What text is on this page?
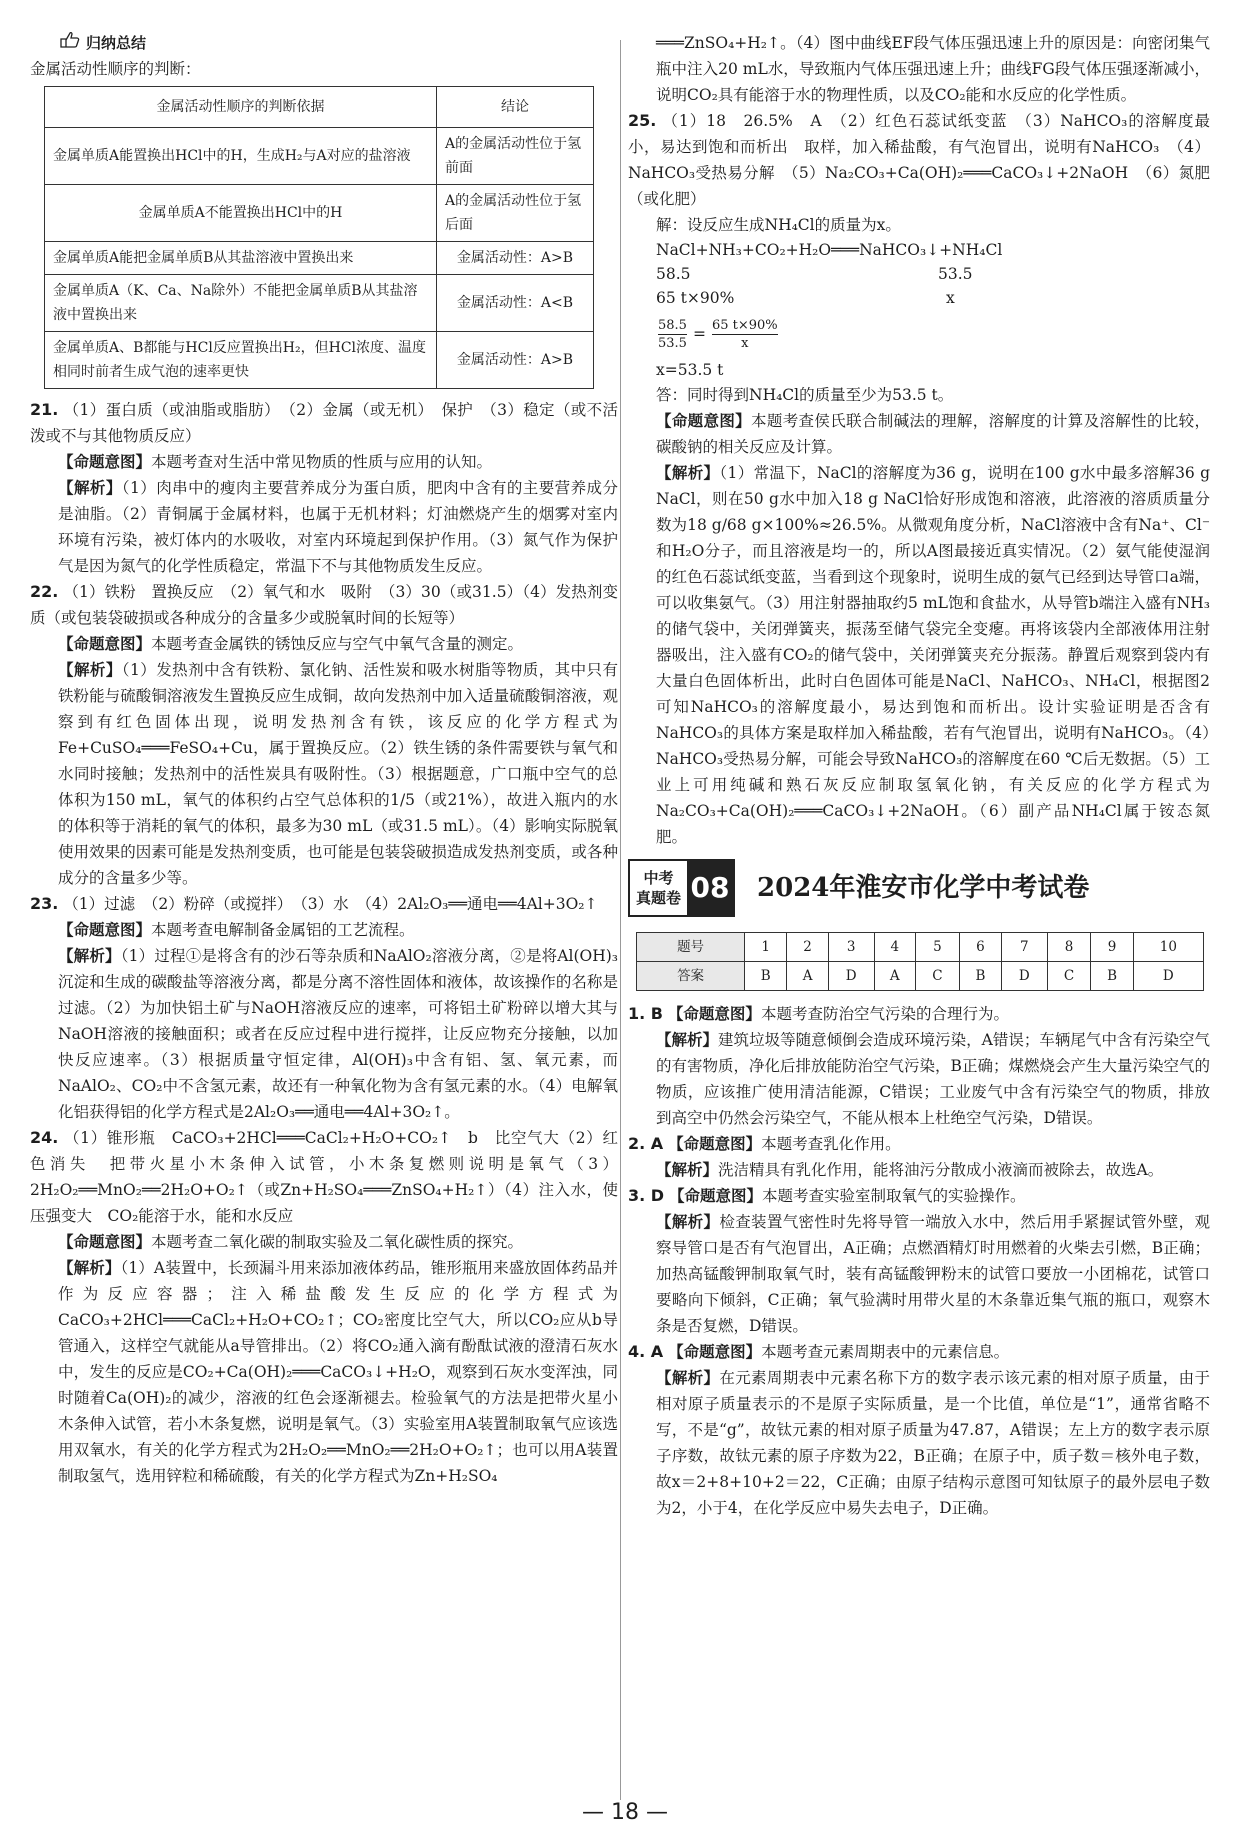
归纳总结

金属活动性顺序的判断：

金属活动性顺序的判断依据	结论
金属单质A能置换出HCl中的H，生成H₂与A对应的盐溶液	A的金属活动性位于氢前面
金属单质A不能置换出HCl中的H	A的金属活动性位于氢后面
金属单质A能把金属单质B从其盐溶液中置换出来	金属活动性：A>B
金属单质A（K、Ca、Na除外）不能把金属单质B从其盐溶液中置换出来	金属活动性：A<B
金属单质A、B都能与HCl反应置换出H₂，但HCl浓度、温度相同时前者生成气泡的速率更快	金属活动性：A>B

21. （1）蛋白质（或油脂或脂肪）　（2）金属（或无机）　保护　（3）稳定（或不活泼或不与其他物质反应）

【命题意图】本题考查对生活中常见物质的性质与应用的认知。

【解析】（1）肉串中的瘦肉主要营养成分为蛋白质，肥肉中含有的主要营养成分是油脂。（2）青铜属于金属材料，也属于无机材料；灯油燃烧产生的烟雾对室内环境有污染，被灯体内的水吸收，对室内环境起到保护作用。（3）氮气作为保护气是因为氮气的化学性质稳定，常温下不与其他物质发生反应。

22. （1）铁粉　置换反应　（2）氧气和水　吸附　（3）30（或31.5）（4）发热剂变质（或包装袋破损或各种成分的含量多少或脱氧时间的长短等）

【命题意图】本题考查金属铁的锈蚀反应与空气中氧气含量的测定。

【解析】（1）发热剂中含有铁粉、氯化钠、活性炭和吸水树脂等物质，其中只有铁粉能与硫酸铜溶液发生置换反应生成铜，故向发热剂中加入适量硫酸铜溶液，观察到有红色固体出现，说明发热剂含有铁，该反应的化学方程式为Fe+CuSO₄═══FeSO₄+Cu，属于置换反应。（2）铁生锈的条件需要铁与氧气和水同时接触；发热剂中的活性炭具有吸附性。（3）根据题意，广口瓶中空气的总体积为150 mL，氧气的体积约占空气总体积的1/5（或21%），故进入瓶内的水的体积等于消耗的氧气的体积，最多为30 mL（或31.5 mL）。（4）影响实际脱氧使用效果的因素可能是发热剂变质，也可能是包装袋破损造成发热剂变质，或各种成分的含量多少等。

23. （1）过滤　（2）粉碎（或搅拌）　（3）水　（4）2Al₂O₃══通电══4Al+3O₂↑

【命题意图】本题考查电解制备金属铝的工艺流程。

【解析】（1）过程①是将含有的沙石等杂质和NaAlO₂溶液分离，②是将Al(OH)₃沉淀和生成的碳酸盐等溶液分离，都是分离不溶性固体和液体，故该操作的名称是过滤。（2）为加快铝土矿与NaOH溶液反应的速率，可将铝土矿粉碎以增大其与NaOH溶液的接触面积；或者在反应过程中进行搅拌，让反应物充分接触，以加快反应速率。（3）根据质量守恒定律，Al(OH)₃中含有铝、氢、氧元素，而NaAlO₂、CO₂中不含氢元素，故还有一种氧化物为含有氢元素的水。（4）电解氧化铝获得铝的化学方程式是2Al₂O₃══通电══4Al+3O₂↑。

24. （1）锥形瓶　CaCO₃+2HCl═══CaCl₂+H₂O+CO₂↑　b　比空气大（2）红色消失　把带火星小木条伸入试管，小木条复燃则说明是氧气（3）2H₂O₂══MnO₂══2H₂O+O₂↑（或Zn+H₂SO₄═══ZnSO₄+H₂↑）（4）注入水，使压强变大　CO₂能溶于水，能和水反应

【命题意图】本题考查二氧化碳的制取实验及二氧化碳性质的探究。

【解析】（1）A装置中，长颈漏斗用来添加液体药品，锥形瓶用来盛放固体药品并作为反应容器；注入稀盐酸发生反应的化学方程式为CaCO₃+2HCl═══CaCl₂+H₂O+CO₂↑；CO₂密度比空气大，所以CO₂应从b导管通入，这样空气就能从a导管排出。（2）将CO₂通入滴有酚酞试液的澄清石灰水中，发生的反应是CO₂+Ca(OH)₂═══CaCO₃↓+H₂O，观察到石灰水变浑浊，同时随着Ca(OH)₂的减少，溶液的红色会逐渐褪去。检验氧气的方法是把带火星小木条伸入试管，若小木条复燃，说明是氧气。（3）实验室用A装置制取氧气应该选用双氧水，有关的化学方程式为2H₂O₂══MnO₂══2H₂O+O₂↑；也可以用A装置制取氢气，选用锌粒和稀硫酸，有关的化学方程式为Zn+H₂SO₄

═══ZnSO₄+H₂↑。（4）图中曲线EF段气体压强迅速上升的原因是：向密闭集气瓶中注入20 mL水，导致瓶内气体压强迅速上升；曲线FG段气体压强逐渐减小，说明CO₂具有能溶于水的物理性质，以及CO₂能和水反应的化学性质。

25. （1）18　26.5%　A　（2）红色石蕊试纸变蓝　（3）NaHCO₃的溶解度最小，易达到饱和而析出　取样，加入稀盐酸，有气泡冒出，说明有NaHCO₃　（4）NaHCO₃受热易分解　（5）Na₂CO₃+Ca(OH)₂═══CaCO₃↓+2NaOH　（6）氮肥（或化肥）

解：设反应生成NH₄Cl的质量为x。

NaCl+NH₃+CO₂+H₂O═══NaHCO₃↓+NH₄Cl
58.5	53.5
65 t×90%	x
$\frac{58.5}{53.5} = \frac{65 t\times 90\%}{x}$
x=53.5 t

答：同时得到NH₄Cl的质量至少为53.5 t。

【命题意图】本题考查侯氏联合制碱法的理解，溶解度的计算及溶解性的比较，碳酸钠的相关反应及计算。

【解析】（1）常温下，NaCl的溶解度为36 g，说明在100 g水中最多溶解36 g NaCl，则在50 g水中加入18 g NaCl恰好形成饱和溶液，此溶液的溶质质量分数为18 g/68 g×100%≈26.5%。从微观角度分析，NaCl溶液中含有Na⁺、Cl⁻和H₂O分子，而且溶液是均一的，所以A图最接近真实情况。（2）氨气能使湿润的红色石蕊试纸变蓝，当看到这个现象时，说明生成的氨气已经到达导管口a端，可以收集氨气。（3）用注射器抽取约5 mL饱和食盐水，从导管b端注入盛有NH₃的储气袋中，关闭弹簧夹，振荡至储气袋完全变瘪。再将该袋内全部液体用注射器吸出，注入盛有CO₂的储气袋中，关闭弹簧夹充分振荡。静置后观察到袋内有大量白色固体析出，此时白色固体可能是NaCl、NaHCO₃、NH₄Cl，根据图2可知NaHCO₃的溶解度最小，易达到饱和而析出。设计实验证明是否含有NaHCO₃的具体方案是取样加入稀盐酸，若有气泡冒出，说明有NaHCO₃。（4）NaHCO₃受热易分解，可能会导致NaHCO₃的溶解度在60 ℃后无数据。（5）工业上可用纯碱和熟石灰反应制取氢氧化钠，有关反应的化学方程式为Na₂CO₃+Ca(OH)₂═══CaCO₃↓+2NaOH。（6）副产品NH₄Cl属于铵态氮肥。

中考
真题卷 08 2024年淮安市化学中考试卷
题号	1	2	3	4	5	6	7	8	9	10
答案	B	A	D	A	C	B	D	C	B	D

1. B 【命题意图】本题考查防治空气污染的合理行为。

【解析】建筑垃圾等随意倾倒会造成环境污染，A错误；车辆尾气中含有污染空气的有害物质，净化后排放能防治空气污染，B正确；煤燃烧会产生大量污染空气的物质，应该推广使用清洁能源，C错误；工业废气中含有污染空气的物质，排放到高空中仍然会污染空气，不能从根本上杜绝空气污染，D错误。

2. A 【命题意图】本题考查乳化作用。

【解析】洗洁精具有乳化作用，能将油污分散成小液滴而被除去，故选A。

3. D 【命题意图】本题考查实验室制取氧气的实验操作。

【解析】检查装置气密性时先将导管一端放入水中，然后用手紧握试管外壁，观察导管口是否有气泡冒出，A正确；点燃酒精灯时用燃着的火柴去引燃，B正确；加热高锰酸钾制取氧气时，装有高锰酸钾粉末的试管口要放一小团棉花，试管口要略向下倾斜，C正确；氧气验满时用带火星的木条靠近集气瓶的瓶口，观察木条是否复燃，D错误。

4. A 【命题意图】本题考查元素周期表中的元素信息。

【解析】在元素周期表中元素名称下方的数字表示该元素的相对原子质量，由于相对原子质量表示的不是原子实际质量，是一个比值，单位是“1”，通常省略不写，不是“g”，故钛元素的相对原子质量为47.87，A错误；左上方的数字表示原子序数，故钛元素的原子序数为22，B正确；在原子中，质子数＝核外电子数，故x＝2+8+10+2＝22，C正确；由原子结构示意图可知钛原子的最外层电子数为2，小于4，在化学反应中易失去电子，D正确。

— 18 —
